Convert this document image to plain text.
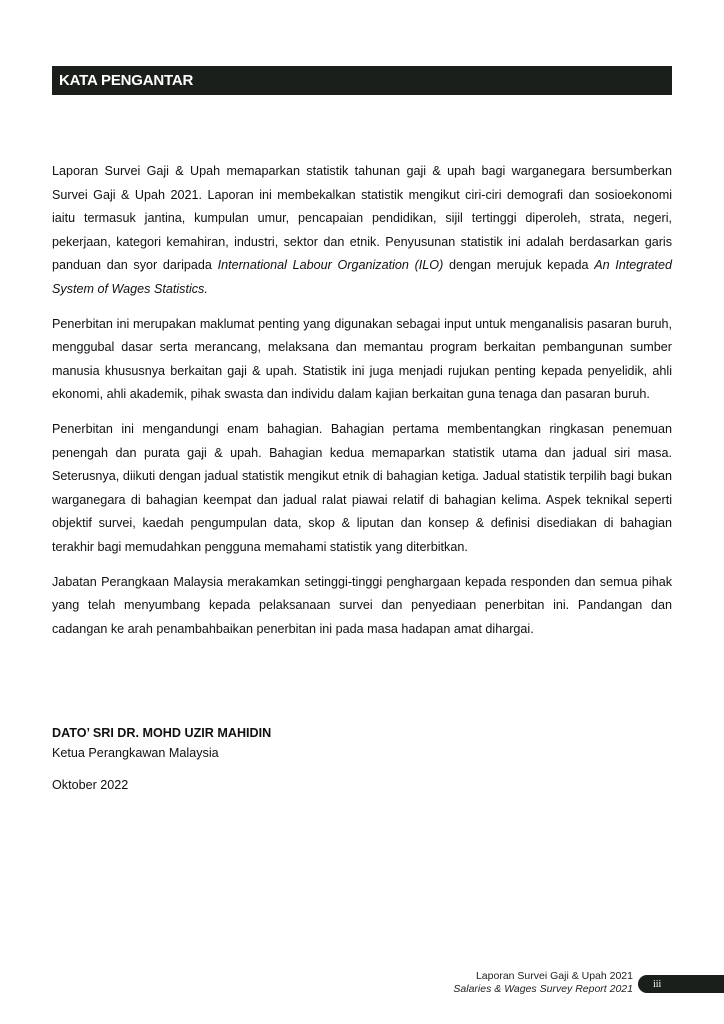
KATA PENGANTAR

Laporan Survei Gaji & Upah memaparkan statistik tahunan gaji & upah bagi warganegara bersumberkan Survei Gaji & Upah 2021. Laporan ini membekalkan statistik mengikut ciri-ciri demografi dan sosioekonomi iaitu termasuk jantina, kumpulan umur, pencapaian pendidikan, sijil tertinggi diperoleh, strata, negeri, pekerjaan, kategori kemahiran, industri, sektor dan etnik. Penyusunan statistik ini adalah berdasarkan garis panduan dan syor daripada International Labour Organization (ILO) dengan merujuk kepada An Integrated System of Wages Statistics.

Penerbitan ini merupakan maklumat penting yang digunakan sebagai input untuk menganalisis pasaran buruh, menggubal dasar serta merancang, melaksana dan memantau program berkaitan pembangunan sumber manusia khususnya berkaitan gaji & upah. Statistik ini juga menjadi rujukan penting kepada penyelidik, ahli ekonomi, ahli akademik, pihak swasta dan individu dalam kajian berkaitan guna tenaga dan pasaran buruh.

Penerbitan ini mengandungi enam bahagian. Bahagian pertama membentangkan ringkasan penemuan penengah dan purata gaji & upah. Bahagian kedua memaparkan statistik utama dan jadual siri masa. Seterusnya, diikuti dengan jadual statistik mengikut etnik di bahagian ketiga. Jadual statistik terpilih bagi bukan warganegara di bahagian keempat dan jadual ralat piawai relatif di bahagian kelima. Aspek teknikal seperti objektif survei, kaedah pengumpulan data, skop & liputan dan konsep & definisi disediakan di bahagian terakhir bagi memudahkan pengguna memahami statistik yang diterbitkan.

Jabatan Perangkaan Malaysia merakamkan setinggi-tinggi penghargaan kepada responden dan semua pihak yang telah menyumbang kepada pelaksanaan survei dan penyediaan penerbitan ini. Pandangan dan cadangan ke arah penambahbaikan penerbitan ini pada masa hadapan amat dihargai.

DATO’ SRI DR. MOHD UZIR MAHIDIN
Ketua Perangkawan Malaysia
Oktober 2022
Laporan Survei Gaji & Upah 2021
Salaries & Wages Survey Report 2021	iii
